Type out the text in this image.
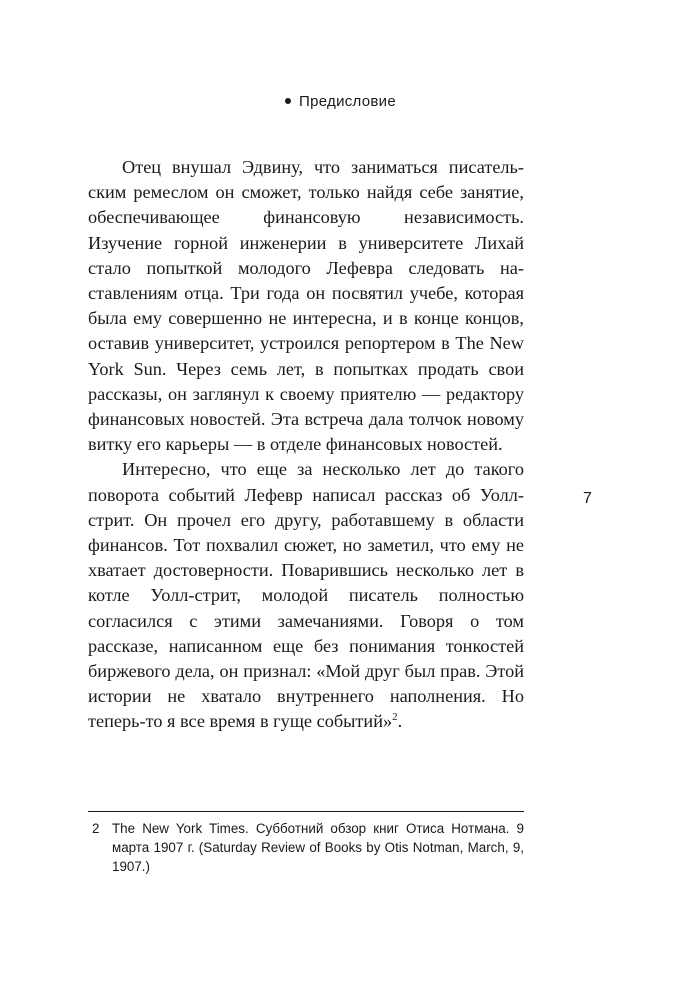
Предисловие

Отец внушал Эдвину, что заниматься писательским ремеслом он сможет, только найдя себе занятие, обеспечивающее финансовую независимость. Изучение горной инженерии в университете Лихай стало попыткой молодого Лефевра следовать наставлениям отца. Три года он посвятил учебе, которая была ему совершенно не интересна, и в конце концов, оставив университет, устроился репортером в The New York Sun. Через семь лет, в попытках продать свои рассказы, он заглянул к своему приятелю — редактору финансовых новостей. Эта встреча дала толчок новому витку его карьеры — в отделе финансовых новостей.

Интересно, что еще за несколько лет до такого поворота событий Лефевр написал рассказ об Уолл-стрит. Он прочел его другу, работавшему в области финансов. Тот похвалил сюжет, но заметил, что ему не хватает достоверности. Поварившись несколько лет в котле Уолл-стрит, молодой писатель полностью согласился с этими замечаниями. Говоря о том рассказе, написанном еще без понимания тонкостей биржевого дела, он признал: «Мой друг был прав. Этой истории не хватало внутреннего наполнения. Но теперь-то я все время в гуще событий»$^2$.

7
2 The New York Times. Субботний обзор книг Отиса Нотмана. 9 марта 1907 г. (Saturday Review of Books by Otis Notman, March, 9, 1907.)
